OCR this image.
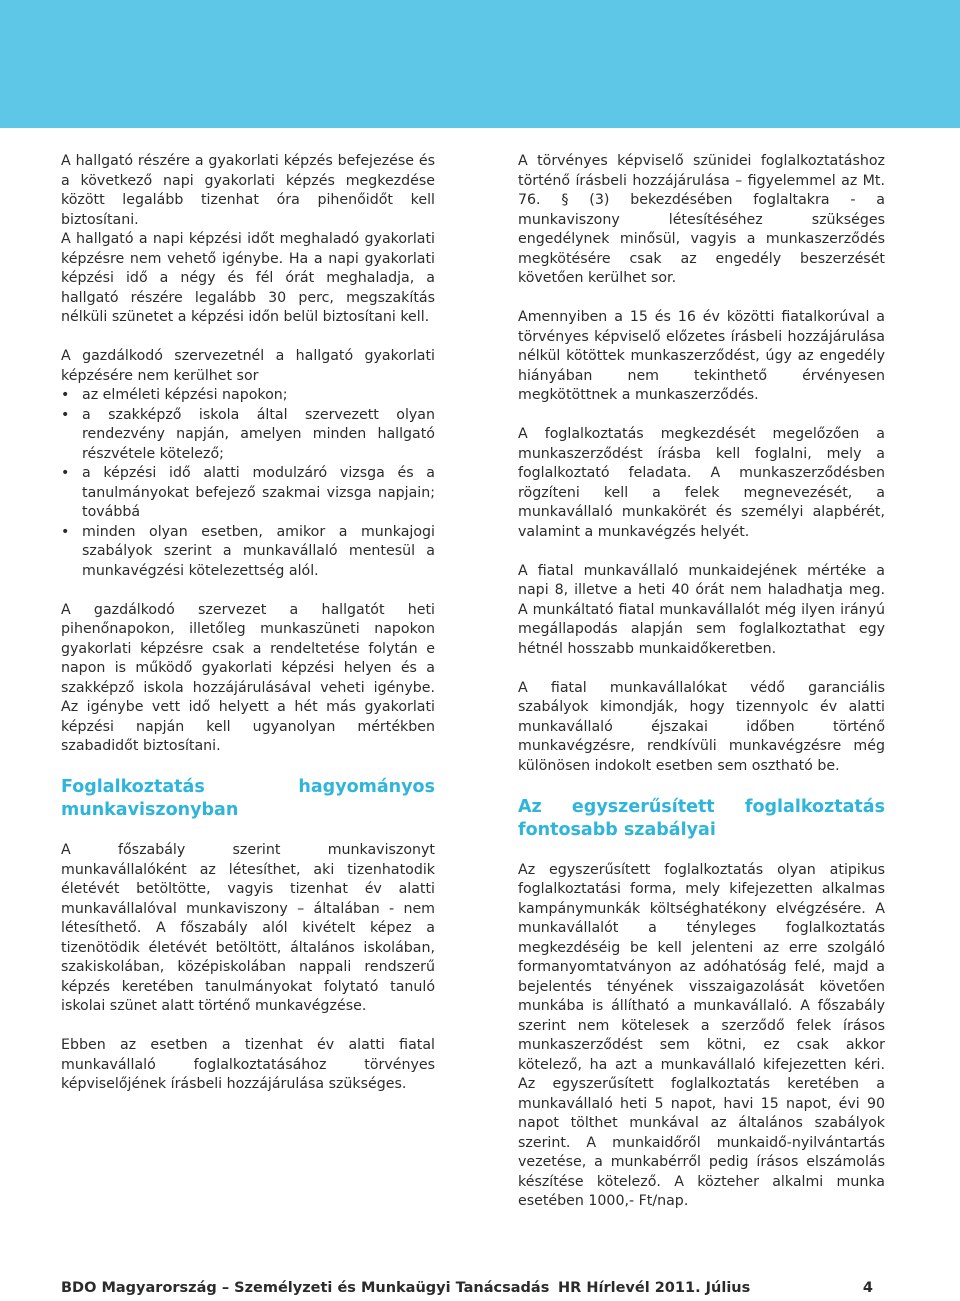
A hallgató részére a gyakorlati képzés befejezése és a következő napi gyakorlati képzés megkezdése között legalább tizenhat óra pihenőidőt kell biztosítani.

A hallgató a napi képzési időt meghaladó gyakorlati képzésre nem vehető igénybe. Ha a napi gyakorlati képzési idő a négy és fél órát meghaladja, a hallgató részére legalább 30 perc, megszakítás nélküli szünetet a képzési időn belül biztosítani kell.

A gazdálkodó szervezetnél a hallgató gyakorlati képzésére nem kerülhet sor

• az elméleti képzési napokon;
• a szakképző iskola által szervezett olyan rendezvény napján, amelyen minden hallgató részvétele kötelező;
• a képzési idő alatti modulzáró vizsga és a tanulmányokat befejező szakmai vizsga napjain; továbbá
• minden olyan esetben, amikor a munkajogi szabályok szerint a munkavállaló mentesül a munkavégzési kötelezettség alól.

A gazdálkodó szervezet a hallgatót heti pihenőnapokon, illetőleg munkaszüneti napokon gyakorlati képzésre csak a rendeltetése folytán e napon is működő gyakorlati képzési helyen és a szakképző iskola hozzájárulásával veheti igénybe. Az igénybe vett idő helyett a hét más gyakorlati képzési napján kell ugyanolyan mértékben szabadidőt biztosítani.

Foglalkoztatás hagyományos munkaviszonyban

A főszabály szerint munkaviszonyt munkavállalóként az létesíthet, aki tizenhatodik életévét betöltötte, vagyis tizenhat év alatti munkavállalóval munkaviszony – általában - nem létesíthető. A főszabály alól kivételt képez a tizenötödik életévét betöltött, általános iskolában, szakiskolában, középiskolában nappali rendszerű képzés keretében tanulmányokat folytató tanuló iskolai szünet alatt történő munkavégzése.

Ebben az esetben a tizenhat év alatti fiatal munkavállaló foglalkoztatásához törvényes képviselőjének írásbeli hozzájárulása szükséges.

A törvényes képviselő szünidei foglalkoztatáshoz történő írásbeli hozzájárulása – figyelemmel az Mt. 76. § (3) bekezdésében foglaltakra - a munkaviszony létesítéséhez szükséges engedélynek minősül, vagyis a munkaszerződés megkötésére csak az engedély beszerzését követően kerülhet sor.

Amennyiben a 15 és 16 év közötti fiatalkorúval a törvényes képviselő előzetes írásbeli hozzájárulása nélkül kötöttek munkaszerződést, úgy az engedély hiányában nem tekinthető érvényesen megkötöttnek a munkaszerződés.

A foglalkoztatás megkezdését megelőzően a munkaszerződést írásba kell foglalni, mely a foglalkoztató feladata. A munkaszerződésben rögzíteni kell a felek megnevezését, a munkavállaló munkakörét és személyi alapbérét, valamint a munkavégzés helyét.

A fiatal munkavállaló munkaidejének mértéke a napi 8, illetve a heti 40 órát nem haladhatja meg. A munkáltató fiatal munkavállalót még ilyen irányú megállapodás alapján sem foglalkoztathat egy hétnél hosszabb munkaidőkeretben.

A fiatal munkavállalókat védő garanciális szabályok kimondják, hogy tizennyolc év alatti munkavállaló éjszakai időben történő munkavégzésre, rendkívüli munkavégzésre még különösen indokolt esetben sem osztható be.

Az egyszerűsített foglalkoztatás fontosabb szabályai

Az egyszerűsített foglalkoztatás olyan atipikus foglalkoztatási forma, mely kifejezetten alkalmas kampánymunkák költséghatékony elvégzésére. A munkavállalót a tényleges foglalkoztatás megkezdéséig be kell jelenteni az erre szolgáló formanyomtatványon az adóhatóság felé, majd a bejelentés tényének visszaigazolását követően munkába is állítható a munkavállaló. A főszabály szerint nem kötelesek a szerződő felek írásos munkaszerződést sem kötni, ez csak akkor kötelező, ha azt a munkavállaló kifejezetten kéri. Az egyszerűsített foglalkoztatás keretében a munkavállaló heti 5 napot, havi 15 napot, évi 90 napot tölthet munkával az általános szabályok szerint. A munkaidőről munkaidő-nyilvántartás vezetése, a munkabérről pedig írásos elszámolás készítése kötelező. A közteher alkalmi munka esetében 1000,- Ft/nap.

BDO Magyarország – Személyzeti és Munkaügyi Tanácsadás HR Hírlevél 2011. Július	4
